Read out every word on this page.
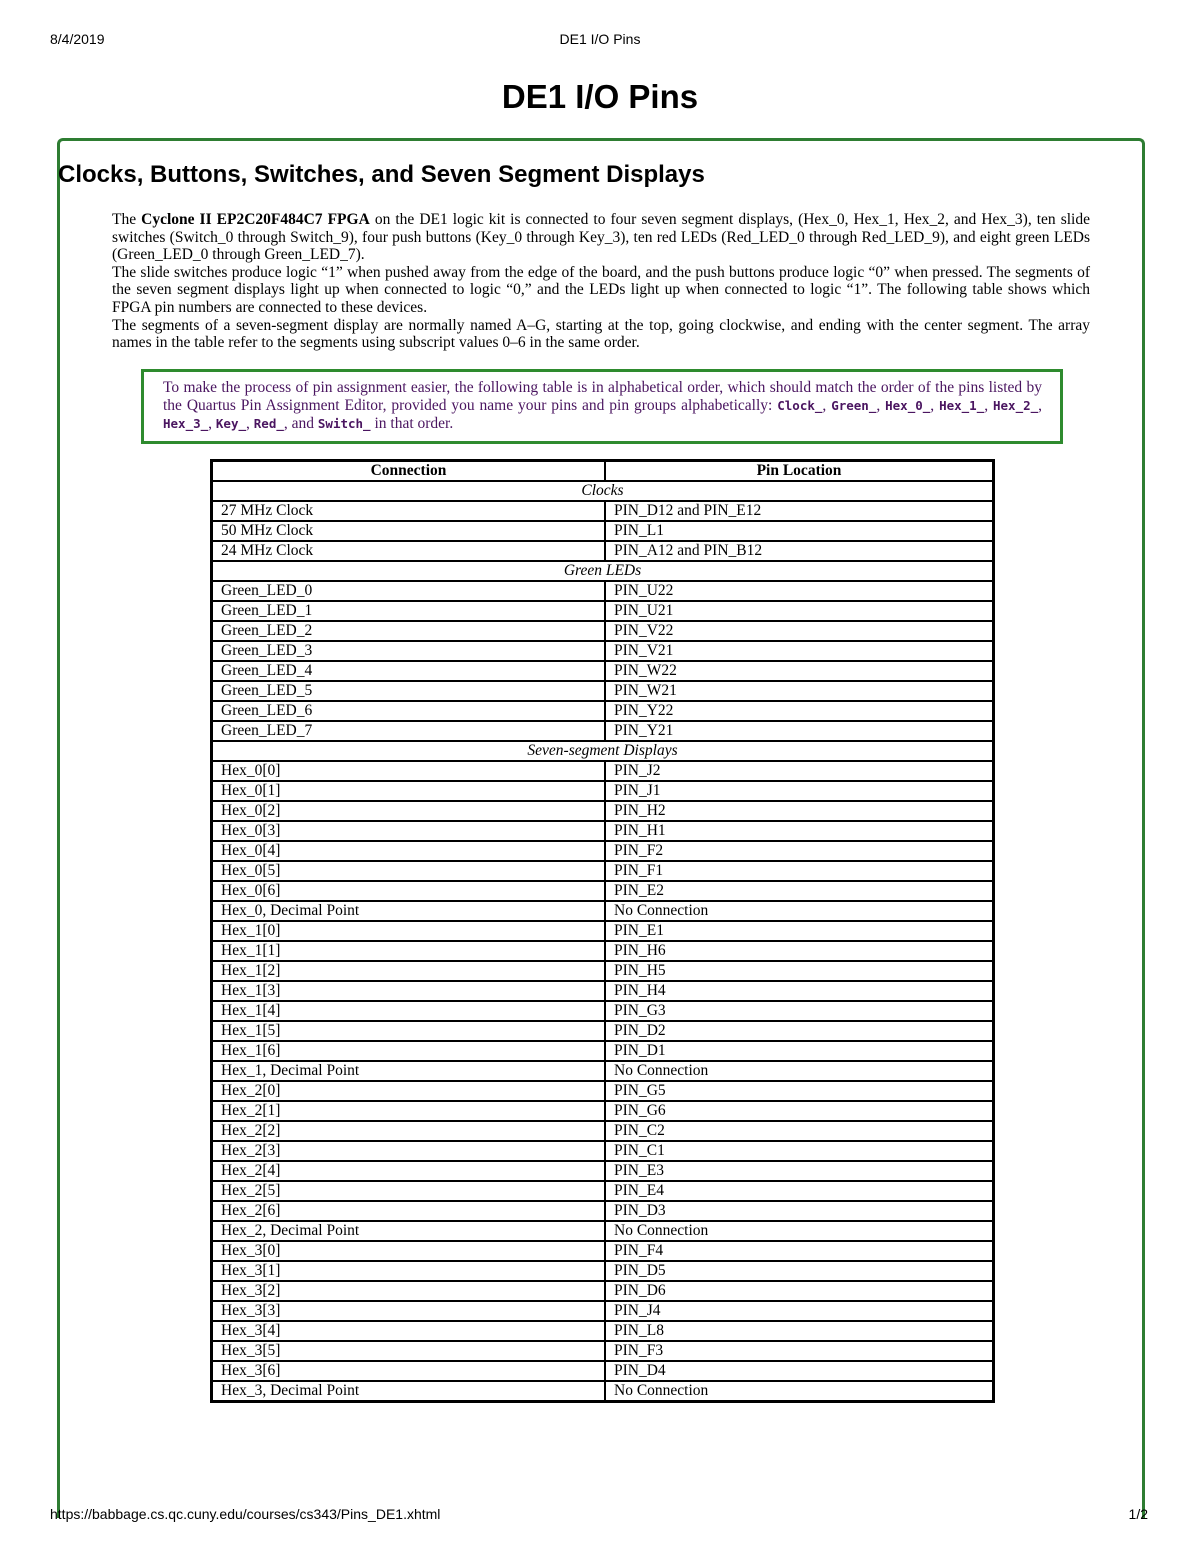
8/4/2019	DE1 I/O Pins
DE1 I/O Pins
Clocks, Buttons, Switches, and Seven Segment Displays

The Cyclone II EP2C20F484C7 FPGA on the DE1 logic kit is connected to four seven segment displays, (Hex_0, Hex_1, Hex_2, and Hex_3), ten slide switches (Switch_0 through Switch_9), four push buttons (Key_0 through Key_3), ten red LEDs (Red_LED_0 through Red_LED_9), and eight green LEDs (Green_LED_0 through Green_LED_7).

The slide switches produce logic “1” when pushed away from the edge of the board, and the push buttons produce logic “0” when pressed. The segments of the seven segment displays light up when connected to logic “0,” and the LEDs light up when connected to logic “1”. The following table shows which FPGA pin numbers are connected to these devices.

The segments of a seven-segment display are normally named A–G, starting at the top, going clockwise, and ending with the center segment. The array names in the table refer to the segments using subscript values 0–6 in the same order.

To make the process of pin assignment easier, the following table is in alphabetical order, which should match the order of the pins listed by the Quartus Pin Assignment Editor, provided you name your pins and pin groups alphabetically: Clock_, Green_, Hex_0_, Hex_1_, Hex_2_, Hex_3_, Key_, Red_, and Switch_ in that order.
Connection	Pin Location
Clocks	
27 MHz Clock	PIN_D12 and PIN_E12
50 MHz Clock	PIN_L1
24 MHz Clock	PIN_A12 and PIN_B12
Green LEDs	
Green_LED_0	PIN_U22
Green_LED_1	PIN_U21
Green_LED_2	PIN_V22
Green_LED_3	PIN_V21
Green_LED_4	PIN_W22
Green_LED_5	PIN_W21
Green_LED_6	PIN_Y22
Green_LED_7	PIN_Y21
Seven-segment Displays	
Hex_0[0]	PIN_J2
Hex_0[1]	PIN_J1
Hex_0[2]	PIN_H2
Hex_0[3]	PIN_H1
Hex_0[4]	PIN_F2
Hex_0[5]	PIN_F1
Hex_0[6]	PIN_E2
Hex_0, Decimal Point	No Connection
Hex_1[0]	PIN_E1
Hex_1[1]	PIN_H6
Hex_1[2]	PIN_H5
Hex_1[3]	PIN_H4
Hex_1[4]	PIN_G3
Hex_1[5]	PIN_D2
Hex_1[6]	PIN_D1
Hex_1, Decimal Point	No Connection
Hex_2[0]	PIN_G5
Hex_2[1]	PIN_G6
Hex_2[2]	PIN_C2
Hex_2[3]	PIN_C1
Hex_2[4]	PIN_E3
Hex_2[5]	PIN_E4
Hex_2[6]	PIN_D3
Hex_2, Decimal Point	No Connection
Hex_3[0]	PIN_F4
Hex_3[1]	PIN_D5
Hex_3[2]	PIN_D6
Hex_3[3]	PIN_J4
Hex_3[4]	PIN_L8
Hex_3[5]	PIN_F3
Hex_3[6]	PIN_D4
Hex_3, Decimal Point	No Connection
https://babbage.cs.qc.cuny.edu/courses/cs343/Pins_DE1.xhtml	1/2
